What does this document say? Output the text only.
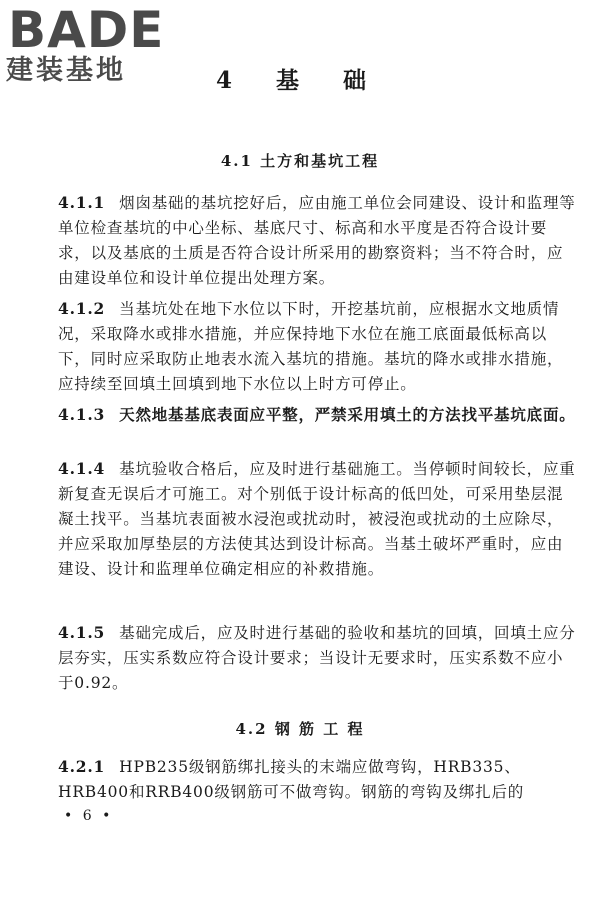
BADE
建装基地	4 基 础
4.1 土方和基坑工程

4.1.1 烟囱基础的基坑挖好后，应由施工单位会同建设、设计和监理等单位检查基坑的中心坐标、基底尺寸、标高和水平度是否符合设计要求，以及基底的土质是否符合设计所采用的勘察资料；当不符合时，应由建设单位和设计单位提出处理方案。

4.1.2 当基坑处在地下水位以下时，开挖基坑前，应根据水文地质情况，采取降水或排水措施，并应保持地下水位在施工底面最低标高以下，同时应采取防止地表水流入基坑的措施。基坑的降水或排水措施，应持续至回填土回填到地下水位以上时方可停止。

4.1.3 天然地基基底表面应平整，严禁采用填土的方法找平基坑底面。

4.1.4 基坑验收合格后，应及时进行基础施工。当停顿时间较长，应重新复查无误后才可施工。对个别低于设计标高的低凹处，可采用垫层混凝土找平。当基坑表面被水浸泡或扰动时，被浸泡或扰动的土应除尽，并应采取加厚垫层的方法使其达到设计标高。当基土破坏严重时，应由建设、设计和监理单位确定相应的补救措施。

4.1.5 基础完成后，应及时进行基础的验收和基坑的回填，回填土应分层夯实，压实系数应符合设计要求；当设计无要求时，压实系数不应小于0.92。

4.2 钢 筋 工 程

4.2.1 HPB235级钢筋绑扎接头的末端应做弯钩，HRB335、HRB400和RRB400级钢筋可不做弯钩。钢筋的弯钩及绑扎后的

• 6 •
